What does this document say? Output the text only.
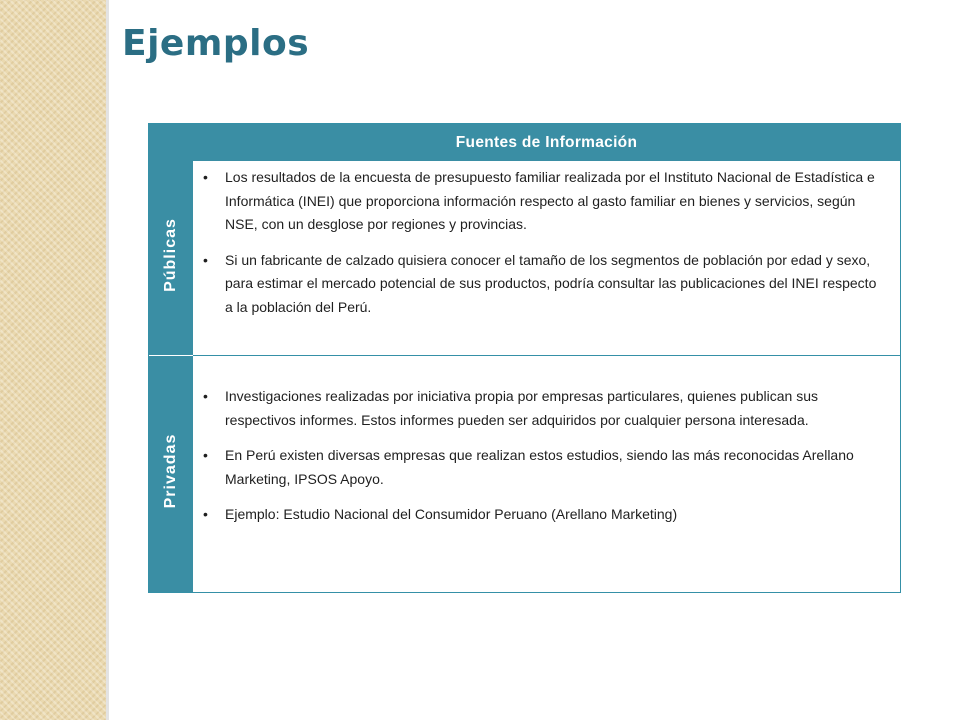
Ejemplos
Públicas
Privadas
Fuentes de Información
• Los resultados de la encuesta de presupuesto familiar realizada por el Instituto Nacional de Estadística e Informática (INEI) que proporciona información respecto al gasto familiar en bienes y servicios, según NSE, con un desglose por regiones y provincias.
• Si un fabricante de calzado quisiera conocer el tamaño de los segmentos de población por edad y sexo, para estimar el mercado potencial de sus productos, podría consultar las publicaciones del INEI respecto a la población del Perú.
• Investigaciones realizadas por iniciativa propia por empresas particulares, quienes publican sus respectivos informes. Estos informes pueden ser adquiridos por cualquier persona interesada.
• En Perú existen diversas empresas que realizan estos estudios, siendo las más reconocidas Arellano Marketing, IPSOS Apoyo.
• Ejemplo: Estudio Nacional del Consumidor Peruano (Arellano Marketing)
